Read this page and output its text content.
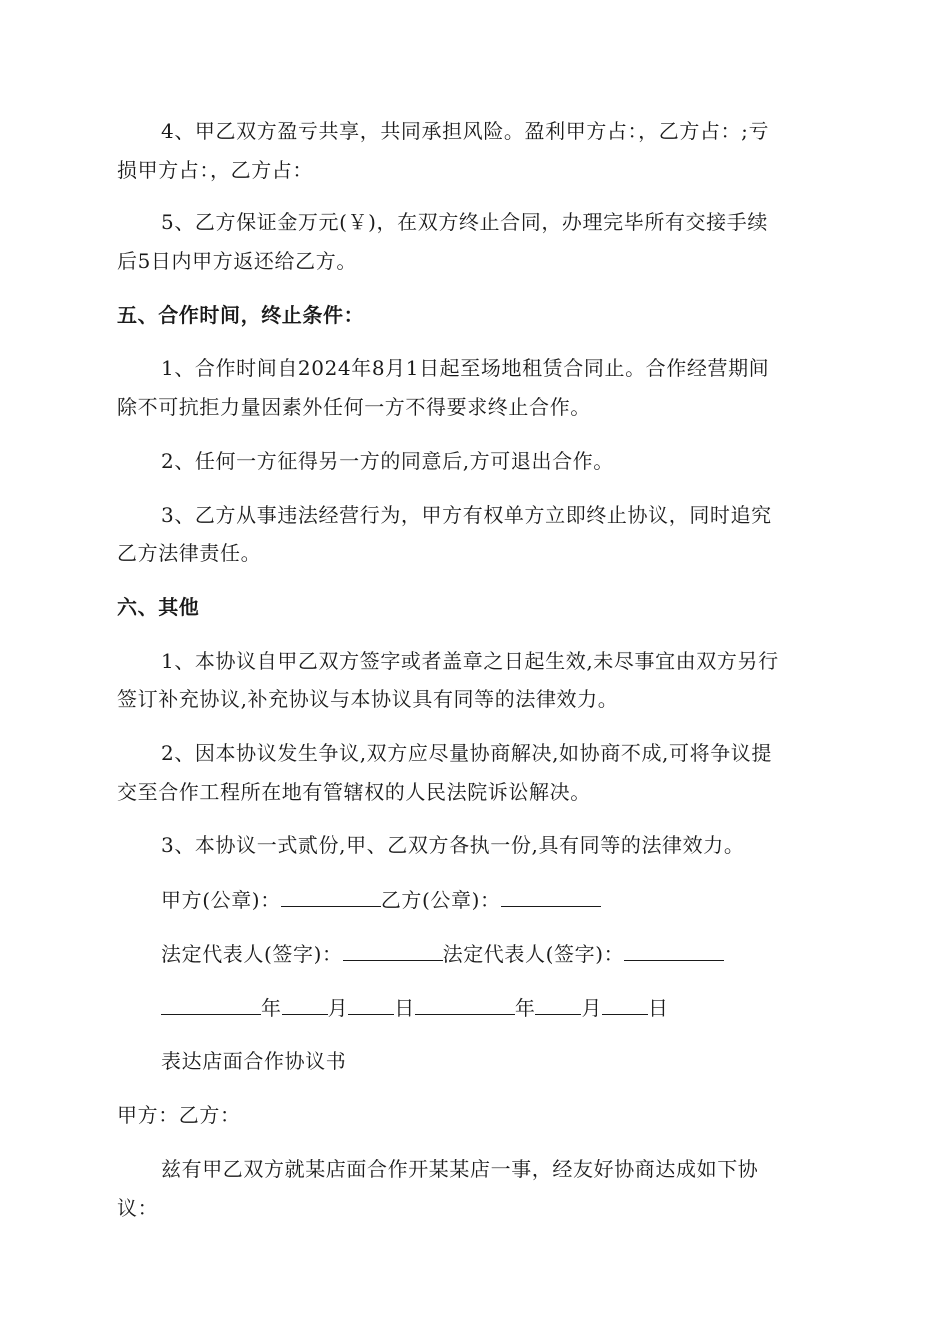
4、甲乙双方盈亏共享，共同承担风险。盈利甲方占：，乙方占：;亏
损甲方占：，乙方占：
5、乙方保证金万元(￥)，在双方终止合同，办理完毕所有交接手续
后5日内甲方返还给乙方。
五、合作时间，终止条件：
1、合作时间自2024年8月1日起至场地租赁合同止。合作经营期间
除不可抗拒力量因素外任何一方不得要求终止合作。
2、任何一方征得另一方的同意后,方可退出合作。
3、乙方从事违法经营行为，甲方有权单方立即终止协议，同时追究
乙方法律责任。
六、其他
1、本协议自甲乙双方签字或者盖章之日起生效,未尽事宜由双方另行
签订补充协议,补充协议与本协议具有同等的法律效力。
2、因本协议发生争议,双方应尽量协商解决,如协商不成,可将争议提
交至合作工程所在地有管辖权的人民法院诉讼解决。
3、本协议一式贰份,甲、乙双方各执一份,具有同等的法律效力。
甲方(公章)：	乙方(公章)：
法定代表人(签字)：	法定代表人(签字)：
年 月 日	年 月 日
表达店面合作协议书
甲方：乙方：
兹有甲乙双方就某店面合作开某某店一事，经友好协商达成如下协
议：
